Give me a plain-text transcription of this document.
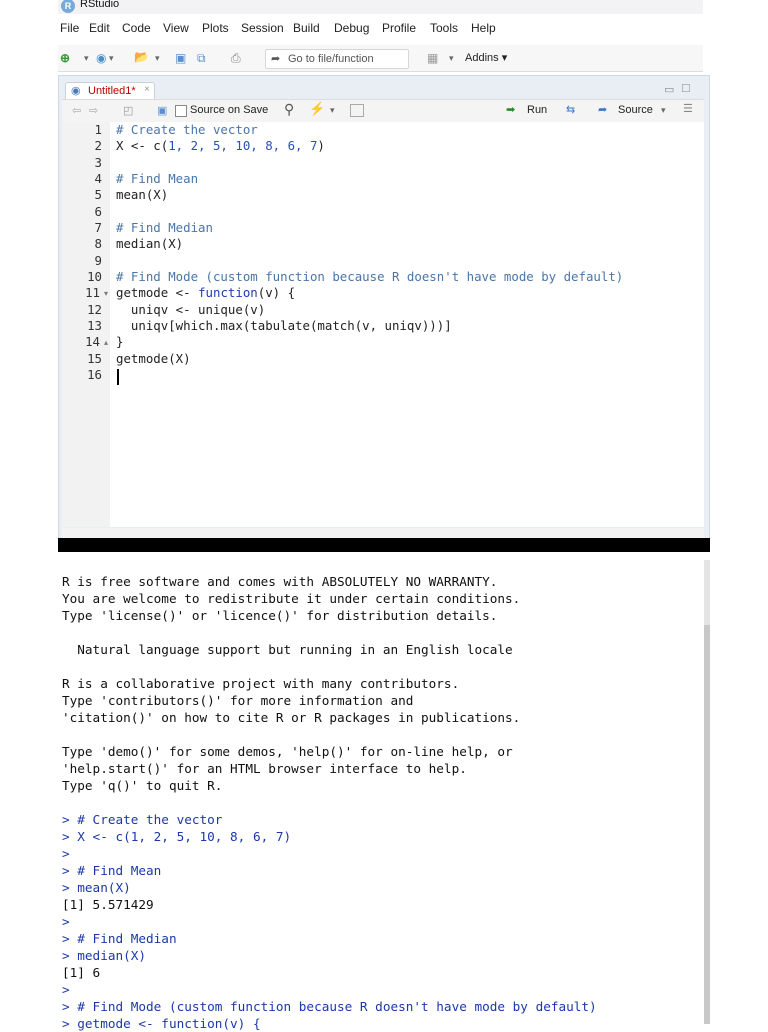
R RStudio
File Edit Code View Plots Session Build Debug Profile Tools Help
⊕ ▾ ◉ ▾ 📂 ▾ ▣ ⧉ ⎙	➦ Go to file/function	▦ ▾ Addins ▾
◉ Untitled1* ×	▭ □
⇦ ⇨ ◰ ▣ Source on Save ⚲ ⚡ ▾	➡ Run ⇆ ➦ Source ▾ ☰
1
2
3
4
5
6
7
8
9
10
11 ▾
12
13
14 ▴
15
16
# Create the vector
X <- c(1, 2, 5, 10, 8, 6, 7)
# Find Mean
mean(X)
# Find Median
median(X)
# Find Mode (custom function because R doesn't have mode by default)
getmode <- function(v) {
uniqv <- unique(v)
uniqv[which.max(tabulate(match(v, uniqv)))]
}
getmode(X)
R is free software and comes with ABSOLUTELY NO WARRANTY.
You are welcome to redistribute it under certain conditions.
Type 'license()' or 'licence()' for distribution details.
Natural language support but running in an English locale
R is a collaborative project with many contributors.
Type 'contributors()' for more information and
'citation()' on how to cite R or R packages in publications.
Type 'demo()' for some demos, 'help()' for on-line help, or
'help.start()' for an HTML browser interface to help.
Type 'q()' to quit R.
> # Create the vector
> X <- c(1, 2, 5, 10, 8, 6, 7)
>
> # Find Mean
> mean(X)
[1] 5.571429
>
> # Find Median
> median(X)
[1] 6
>
> # Find Mode (custom function because R doesn't have mode by default)
> getmode <- function(v) {
